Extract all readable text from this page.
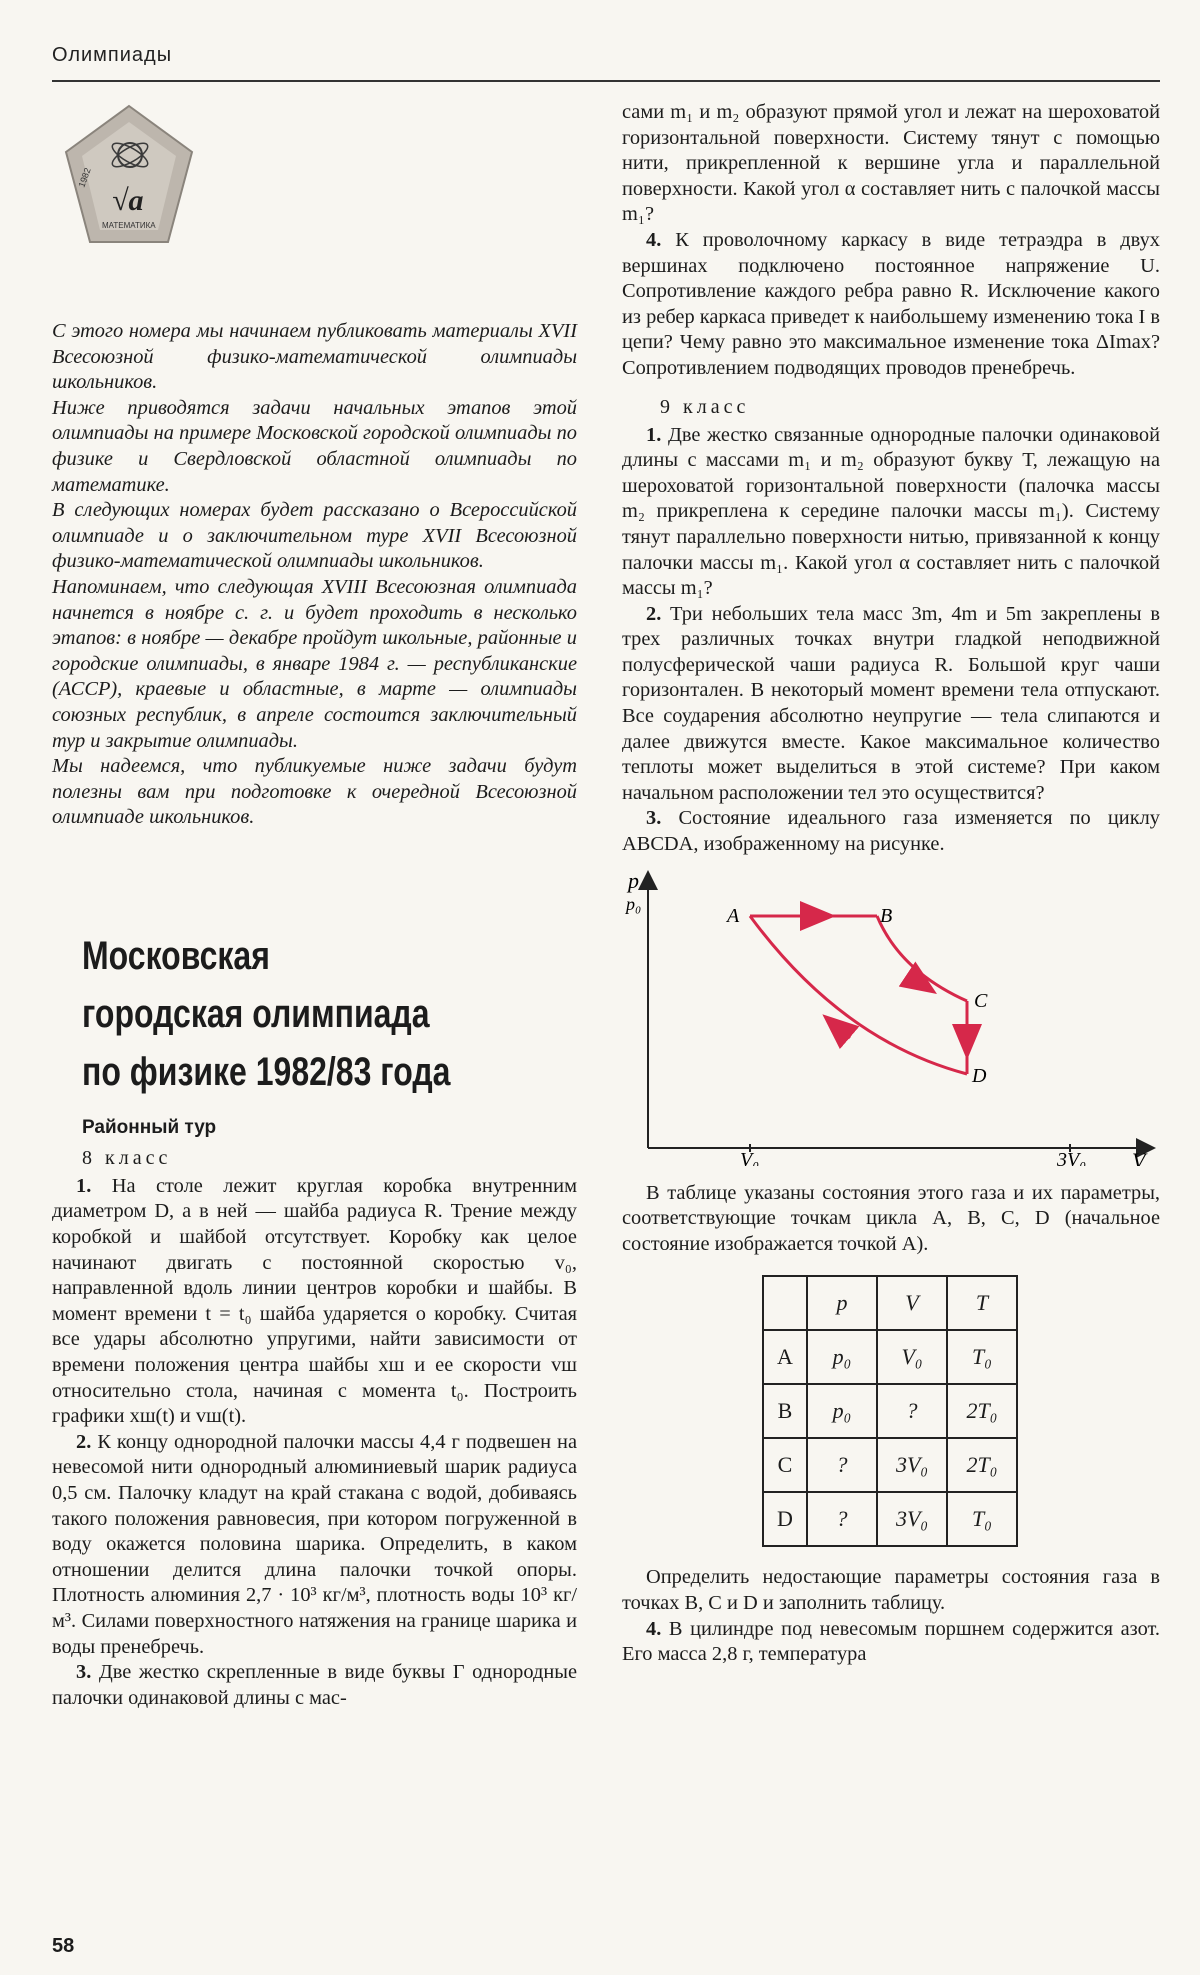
Олимпиады
1982
√a
МАТЕМАТИКА

С этого номера мы начинаем публиковать материалы XVII Всесоюзной физико-математической олимпиады школьников.

Ниже приводятся задачи начальных этапов этой олимпиады на примере Московской городской олимпиады по физике и Свердловской областной олимпиады по математике.

В следующих номерах будет рассказано о Всероссийской олимпиаде и о заключительном туре XVII Всесоюзной физико-математической олимпиады школьников.

Напоминаем, что следующая XVIII Всесоюзная олимпиада начнется в ноябре с. г. и будет проходить в несколько этапов: в ноябре — декабре пройдут школьные, районные и городские олимпиады, в январе 1984 г. — республиканские (АССР), краевые и областные, в марте — олимпиады союзных республик, в апреле состоится заключительный тур и закрытие олимпиады.

Мы надеемся, что публикуемые ниже задачи будут полезны вам при подготовке к очередной Всесоюзной олимпиаде школьников.

Московская
городская олимпиада
по физике 1982/83 года
Районный тур
8 класс

1. На столе лежит круглая коробка внутренним диаметром D, а в ней — шайба радиуса R. Трение между коробкой и шайбой отсутствует. Коробку как целое начинают двигать с постоянной скоростью v₀, направленной вдоль линии центров коробки и шайбы. В момент времени t = t₀ шайба ударяется о коробку. Считая все удары абсолютно упругими, найти зависимости от времени положения центра шайбы xш и ее скорости vш относительно стола, начиная с момента t₀. Построить графики xш(t) и vш(t).

2. К концу однородной палочки массы 4,4 г подвешен на невесомой нити однородный алюминиевый шарик радиуса 0,5 см. Палочку кладут на край стакана с водой, добиваясь такого положения равновесия, при котором погруженной в воду окажется половина шарика. Определить, в каком отношении делится длина палочки точкой опоры. Плотность алюминия 2,7 · 10³ кг/м³, плотность воды 10³ кг/м³. Силами поверхностного натяжения на границе шарика и воды пренебречь.

3. Две жестко скрепленные в виде буквы Г однородные палочки одинаковой длины с мас-

сами m₁ и m₂ образуют прямой угол и лежат на шероховатой горизонтальной поверхности. Систему тянут с помощью нити, прикрепленной к вершине угла и параллельной поверхности. Какой угол α составляет нить с палочкой массы m₁?

4. К проволочному каркасу в виде тетраэдра в двух вершинах подключено постоянное напряжение U. Сопротивление каждого ребра равно R. Исключение какого из ребер каркаса приведет к наибольшему изменению тока I в цепи? Чему равно это максимальное изменение тока ΔImax? Сопротивлением подводящих проводов пренебречь.

9 класс

1. Две жестко связанные однородные палочки одинаковой длины с массами m₁ и m₂ образуют букву Т, лежащую на шероховатой горизонтальной поверхности (палочка массы m₂ прикреплена к середине палочки массы m₁). Систему тянут параллельно поверхности нитью, привязанной к концу палочки массы m₁. Какой угол α составляет нить с палочкой массы m₁?

2. Три небольших тела масс 3m, 4m и 5m закреплены в трех различных точках внутри гладкой неподвижной полусферической чаши радиуса R. Большой круг чаши горизонтален. В некоторый момент времени тела отпускают. Все соударения абсолютно неупругие — тела слипаются и далее движутся вместе. Какое максимальное количество теплоты может выделиться в этой системе? При каком начальном расположении тел это осуществится?

3. Состояние идеального газа изменяется по циклу ABCDA, изображенному на рисунке.

p
p₀
V
V₀	3V₀
A	B
C
D

В таблице указаны состояния этого газа и их параметры, соответствующие точкам цикла A, B, C, D (начальное состояние изображается точкой A).

	p	V	T
A	p₀	V₀	T₀
B	p₀	?	2T₀
C	?	3V₀	2T₀
D	?	3V₀	T₀

Определить недостающие параметры состояния газа в точках B, C и D и заполнить таблицу.

4. В цилиндре под невесомым поршнем содержится азот. Его масса 2,8 г, температура

58
